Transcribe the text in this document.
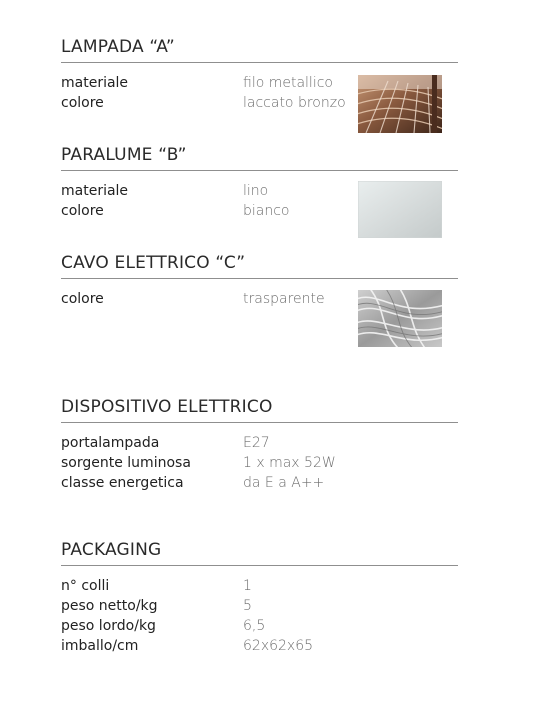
LAMPADA “A”
materiale	filo metallico
colore	laccato bronzo
PARALUME “B”
materiale	lino
colore	bianco
CAVO ELETTRICO “C”
colore	trasparente
DISPOSITIVO ELETTRICO
portalampada	E27
sorgente luminosa	1 x max 52W
classe energetica	da E a A++
PACKAGING
n° colli	1
peso netto/kg	5
peso lordo/kg	6,5
imballo/cm	62x62x65
